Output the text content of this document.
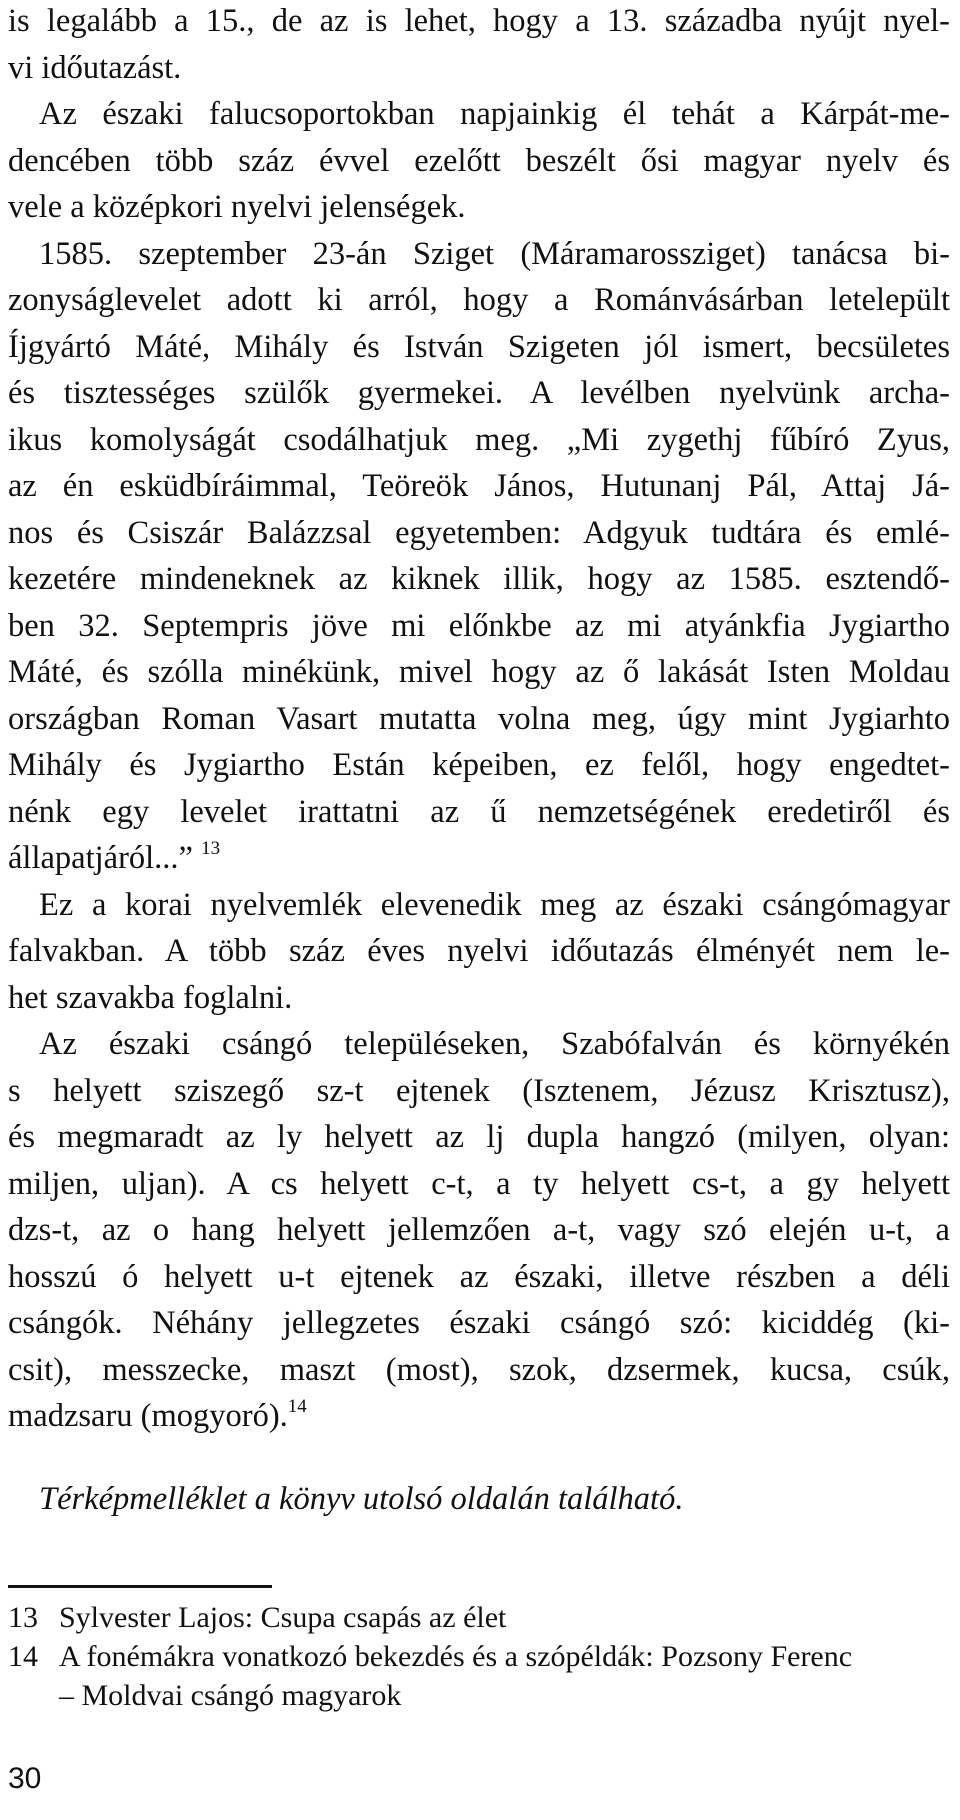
is legalább a 15., de az is lehet, hogy a 13. századba nyújt nyel-
vi időutazást.
Az északi falucsoportokban napjainkig él tehát a Kárpát-me-
dencében több száz évvel ezelőtt beszélt ősi magyar nyelv és
vele a középkori nyelvi jelenségek.
1585. szeptember 23-án Sziget (Máramarossziget) tanácsa bi-
zonyságlevelet adott ki arról, hogy a Románvásárban letelepült
Íjgyártó Máté, Mihály és István Szigeten jól ismert, becsületes
és tisztességes szülők gyermekei. A levélben nyelvünk archa-
ikus komolyságát csodálhatjuk meg. „Mi zygethj fűbíró Zyus,
az én esküdbíráimmal, Teöreök János, Hutunanj Pál, Attaj Já-
nos és Csiszár Balázzsal egyetemben: Adgyuk tudtára és emlé-
kezetére mindeneknek az kiknek illik, hogy az 1585. esztendő-
ben 32. Septempris jöve mi előnkbe az mi atyánkfia Jygiartho
Máté, és szólla minékünk, mivel hogy az ő lakását Isten Moldau
országban Roman Vasart mutatta volna meg, úgy mint Jygiarhto
Mihály és Jygiartho Están képeiben, ez felől, hogy engedtet-
nénk egy levelet irattatni az ű nemzetségének eredetiről és
állapatjáról...” $^{13}$
Ez a korai nyelvemlék elevenedik meg az északi csángómagyar
falvakban. A több száz éves nyelvi időutazás élményét nem le-
het szavakba foglalni.
Az északi csángó településeken, Szabófalván és környékén
s helyett sziszegő sz-t ejtenek (Isztenem, Jézusz Krisztusz),
és megmaradt az ly helyett az lj dupla hangzó (milyen, olyan:
miljen, uljan). A cs helyett c-t, a ty helyett cs-t, a gy helyett
dzs-t, az o hang helyett jellemzően a-t, vagy szó elején u-t, a
hosszú ó helyett u-t ejtenek az északi, illetve részben a déli
csángók. Néhány jellegzetes északi csángó szó: kiciddég (ki-
csit), messzecke, maszt (most), szok, dzsermek, kucsa, csúk,
madzsaru (mogyoró).$^{14}$
Térképmelléklet a könyv utolsó oldalán található.
13 Sylvester Lajos: Csupa csapás az élet
14 A fonémákra vonatkozó bekezdés és a szópéldák: Pozsony Ferenc
– Moldvai csángó magyarok
30
